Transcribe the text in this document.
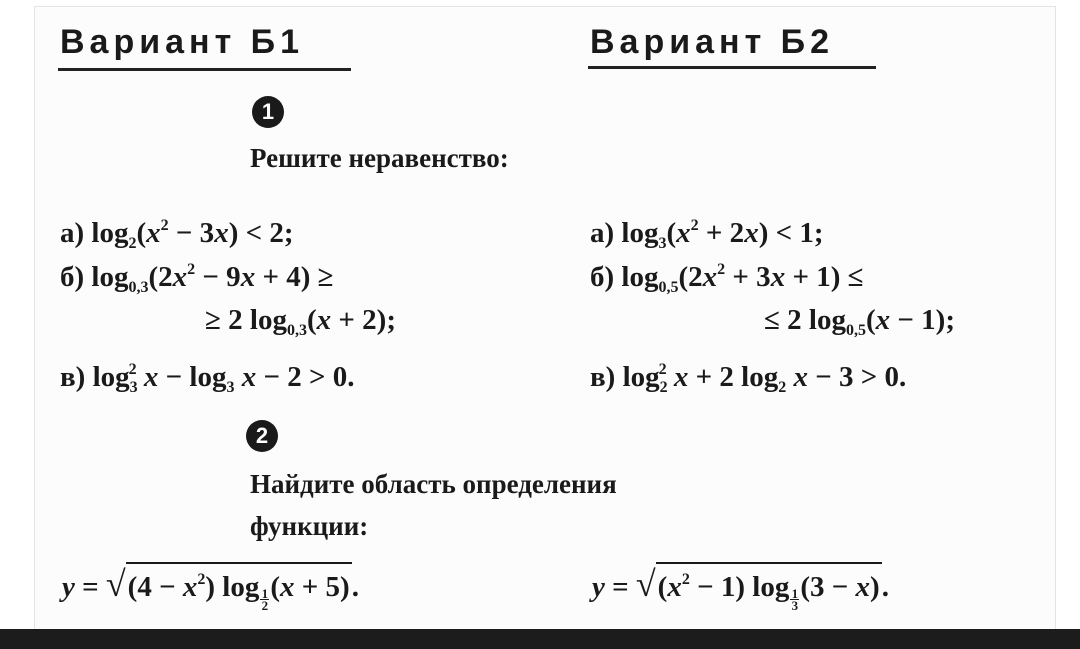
Вариант Б1	Вариант Б2
1
Решите неравенство:
а) $\log_2(x^2 - 3x) < 2$;
б) $\log_{0,3}(2x^2 - 9x + 4)$ ≥
≥ 2 $\log_{0,3}(x + 2)$;
в) $\log_3^2 x - \log_3 x - 2 > 0$.
а) $\log_3(x^2 + 2x) < 1$;
б) $\log_{0,5}(2x^2 + 3x + 1)$ ≤
≤ 2 $\log_{0,5}(x - 1)$;
в) $\log_2^2 x + 2$ $\log_2 x - 3 > 0$.
2
Найдите область определения
функции:
$y = √(4 - x^2)$ $\log \frac{1}{2} (x + 5)$.	$y = √(x^2 - 1)$ $\log \frac{1}{3} (3 - x)$.
